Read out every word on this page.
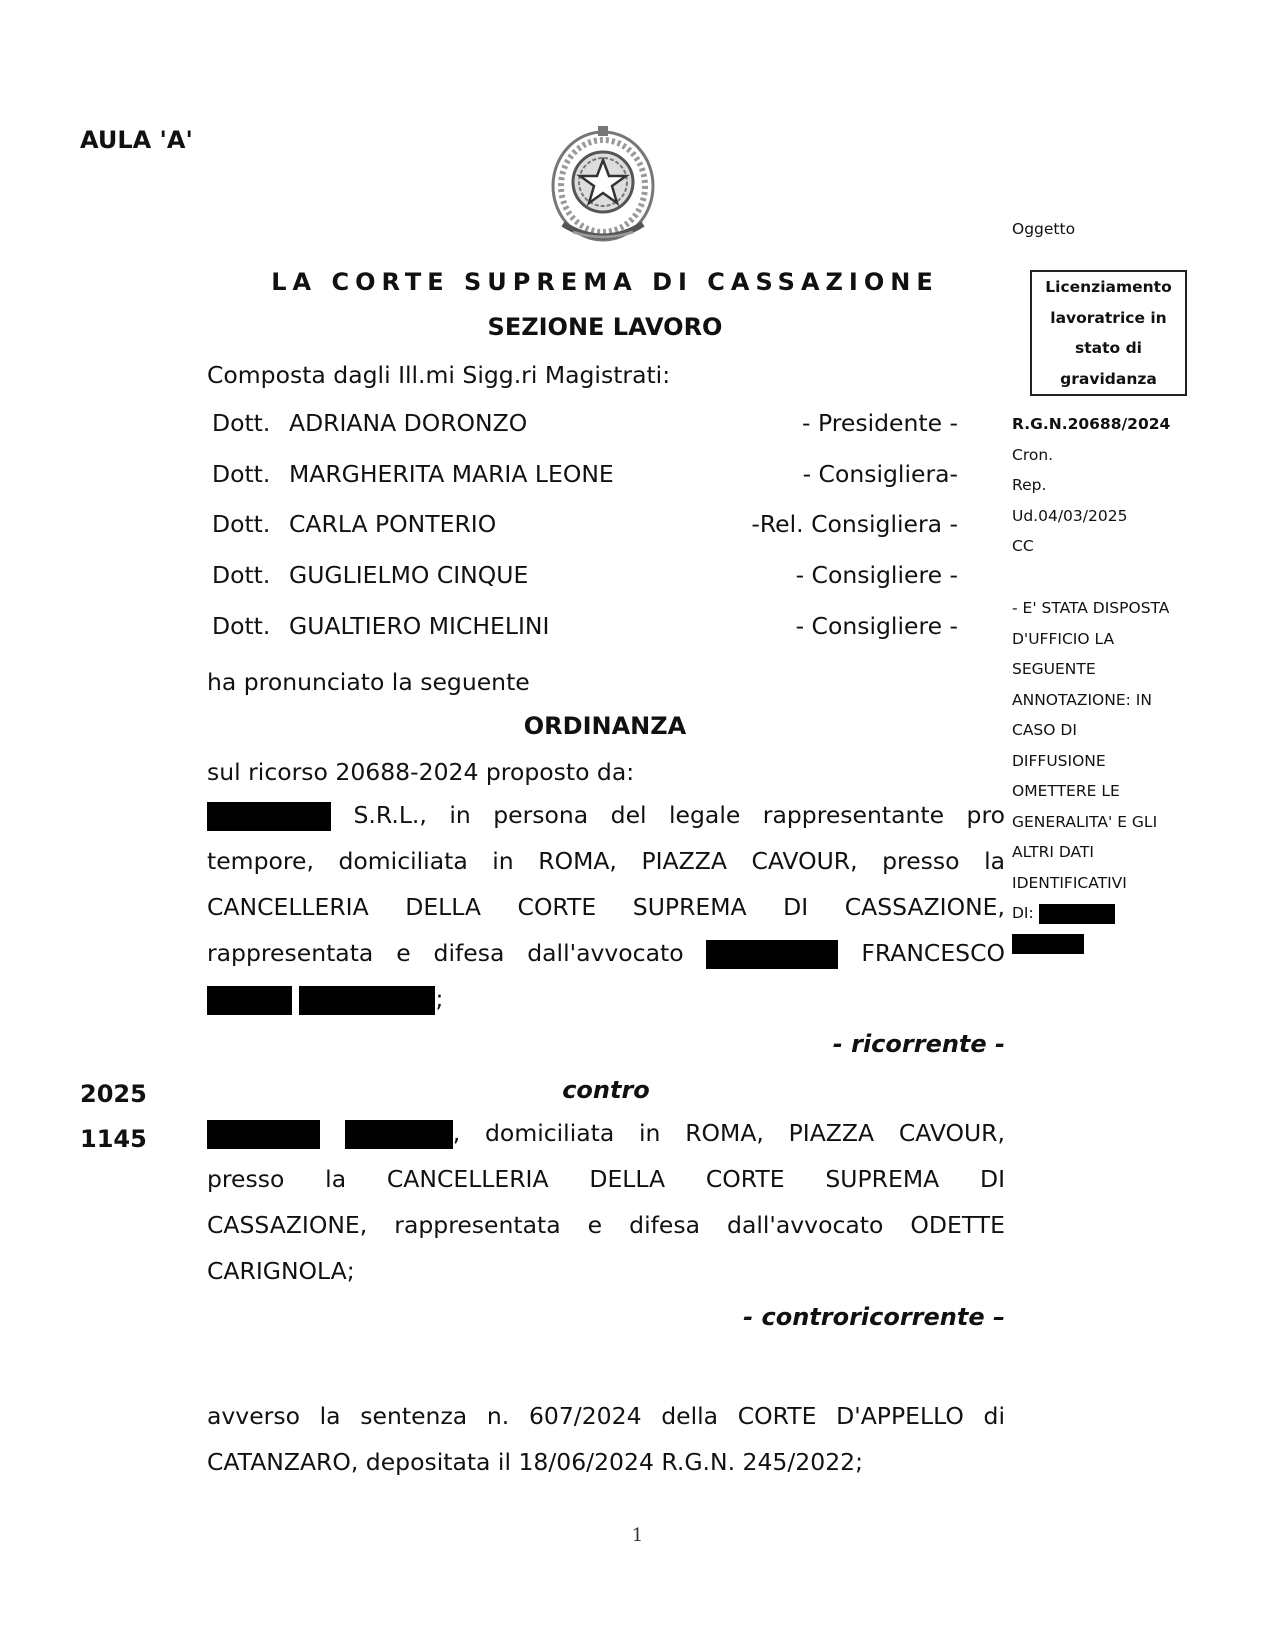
AULA 'A'
LA CORTE SUPREMA DI CASSAZIONE
SEZIONE LAVORO
Composta dagli Ill.mi Sigg.ri Magistrati:
Dott. ADRIANA DORONZO	- Presidente -
Dott. MARGHERITA MARIA LEONE	- Consigliera-
Dott. CARLA PONTERIO	-Rel. Consigliera -
Dott. GUGLIELMO CINQUE	- Consigliere -
Dott. GUALTIERO MICHELINI	- Consigliere -
ha pronunciato la seguente
ORDINANZA
sul ricorso 20688-2024 proposto da:
S.R.L., in persona del legale rappresentante pro
tempore, domiciliata in ROMA, PIAZZA CAVOUR, presso la
CANCELLERIA DELLA CORTE SUPREMA DI CASSAZIONE,
rappresentata e difesa dall'avvocato	FRANCESCO
;
- ricorrente -
2025
1145
contro
, domiciliata in ROMA, PIAZZA CAVOUR,
presso la CANCELLERIA DELLA CORTE SUPREMA DI
CASSAZIONE, rappresentata e difesa dall'avvocato ODETTE
CARIGNOLA;
- controricorrente –
avverso la sentenza n. 607/2024 della CORTE D'APPELLO di
CATANZARO, depositata il 18/06/2024 R.G.N. 245/2022;
1
Oggetto
Licenziamento
lavoratrice in
stato di
gravidanza
R.G.N.20688/2024
Cron.
Rep.
Ud.04/03/2025
CC
- E' STATA DISPOSTA
D'UFFICIO LA
SEGUENTE
ANNOTAZIONE: IN
CASO DI
DIFFUSIONE
OMETTERE LE
GENERALITA' E GLI
ALTRI DATI
IDENTIFICATIVI
DI:
